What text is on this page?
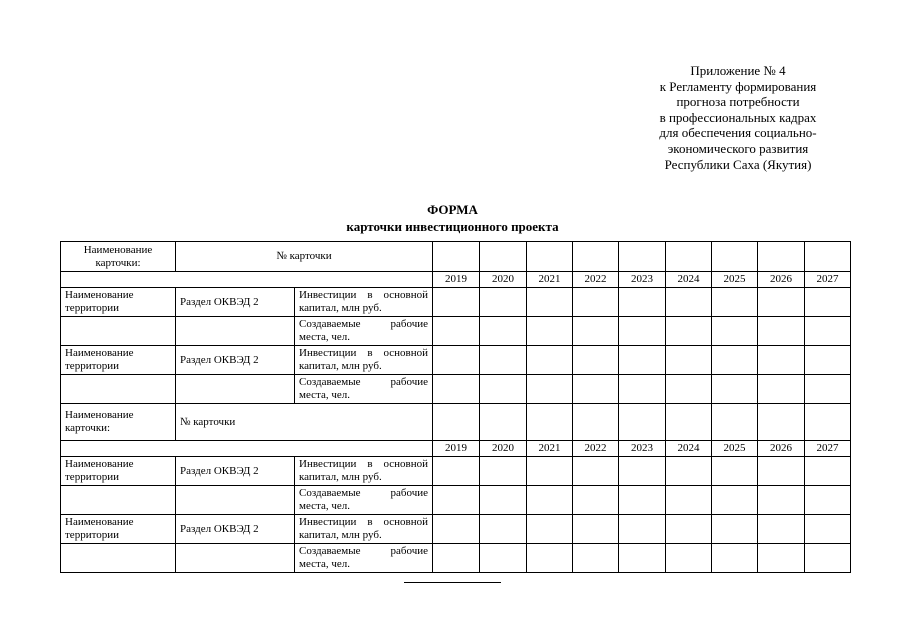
Приложение № 4
к Регламенту формирования
прогноза потребности
в профессиональных кадрах
для обеспечения социально-
экономического развития
Республики Саха (Якутия)
ФОРМА
карточки инвестиционного проекта
Наименование карточки:	№ карточки										
			2019	2020	2021	2022	2023	2024	2025	2026	2027
Наименование территории	Раздел ОКВЭД 2	Инвестиции в основной
капитал, млн руб.									

		Создаваемые рабочие
места, чел.									

Наименование территории	Раздел ОКВЭД 2	Инвестиции в основной
капитал, млн руб.									

		Создаваемые рабочие
места, чел.									

Наименование карточки:	№ карточки										
			2019	2020	2021	2022	2023	2024	2025	2026	2027
Наименование территории	Раздел ОКВЭД 2	Инвестиции в основной
капитал, млн руб.									

		Создаваемые рабочие
места, чел.									

Наименование территории	Раздел ОКВЭД 2	Инвестиции в основной
капитал, млн руб.									

		Создаваемые рабочие
места, чел.									
